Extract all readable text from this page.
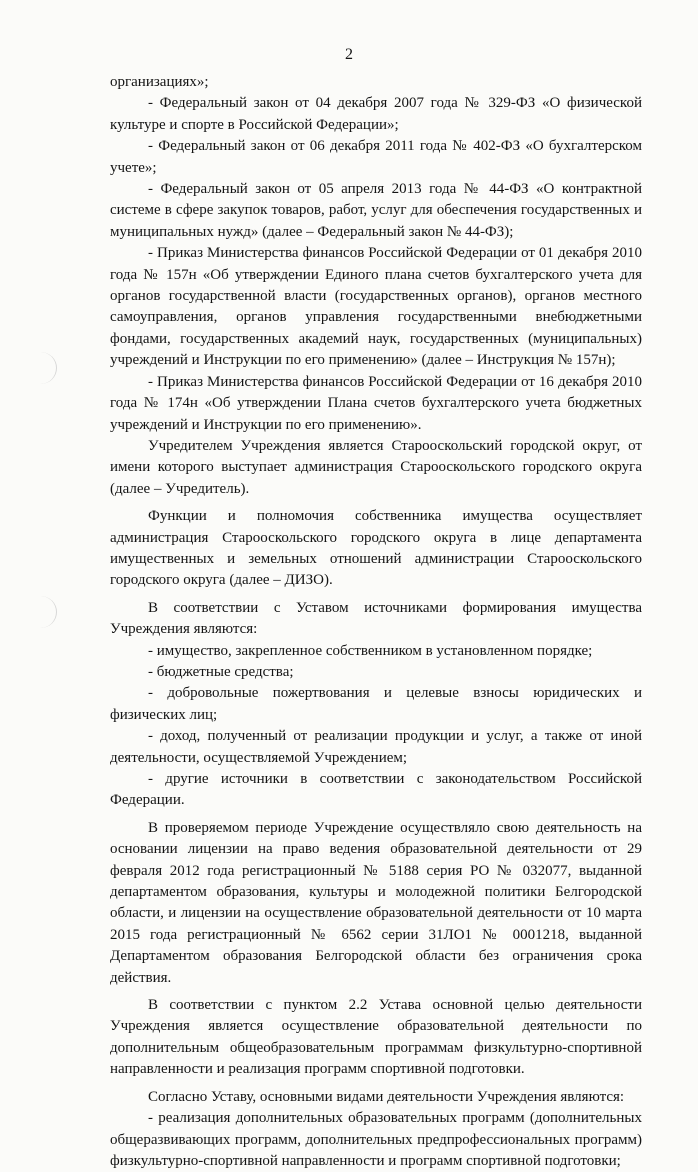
2

организациях»;

- Федеральный закон от 04 декабря 2007 года № 329-ФЗ «О физической культуре и спорте в Российской Федерации»;

- Федеральный закон от 06 декабря 2011 года № 402-ФЗ «О бухгалтерском учете»;

- Федеральный закон от 05 апреля 2013 года № 44-ФЗ «О контрактной системе в сфере закупок товаров, работ, услуг для обеспечения государственных и муниципальных нужд» (далее – Федеральный закон № 44-ФЗ);

- Приказ Министерства финансов Российской Федерации от 01 декабря 2010 года № 157н «Об утверждении Единого плана счетов бухгалтерского учета для органов государственной власти (государственных органов), органов местного самоуправления, органов управления государственными внебюджетными фондами, государственных академий наук, государственных (муниципальных) учреждений и Инструкции по его применению» (далее – Инструкция № 157н);

- Приказ Министерства финансов Российской Федерации от 16 декабря 2010 года № 174н «Об утверждении Плана счетов бухгалтерского учета бюджетных учреждений и Инструкции по его применению».

Учредителем Учреждения является Старооскольский городской округ, от имени которого выступает администрация Старооскольского городского округа (далее – Учредитель).

Функции и полномочия собственника имущества осуществляет администрация Старооскольского городского округа в лице департамента имущественных и земельных отношений администрации Старооскольского городского округа (далее – ДИЗО).

В соответствии с Уставом источниками формирования имущества Учреждения являются:

- имущество, закрепленное собственником в установленном порядке;

- бюджетные средства;

- добровольные пожертвования и целевые взносы юридических и физических лиц;

- доход, полученный от реализации продукции и услуг, а также от иной деятельности, осуществляемой Учреждением;

- другие источники в соответствии с законодательством Российской Федерации.

В проверяемом периоде Учреждение осуществляло свою деятельность на основании лицензии на право ведения образовательной деятельности от 29 февраля 2012 года регистрационный № 5188 серия РО № 032077, выданной департаментом образования, культуры и молодежной политики Белгородской области, и лицензии на осуществление образовательной деятельности от 10 марта 2015 года регистрационный № 6562 серии 31ЛО1 № 0001218, выданной Департаментом образования Белгородской области без ограничения срока действия.

В соответствии с пунктом 2.2 Устава основной целью деятельности Учреждения является осуществление образовательной деятельности по дополнительным общеобразовательным программам физкультурно-спортивной направленности и реализация программ спортивной подготовки.

Согласно Уставу, основными видами деятельности Учреждения являются:

- реализация дополнительных образовательных программ (дополнительных общеразвивающих программ, дополнительных предпрофессиональных программ) физкультурно-спортивной направленности и программ спортивной подготовки;
